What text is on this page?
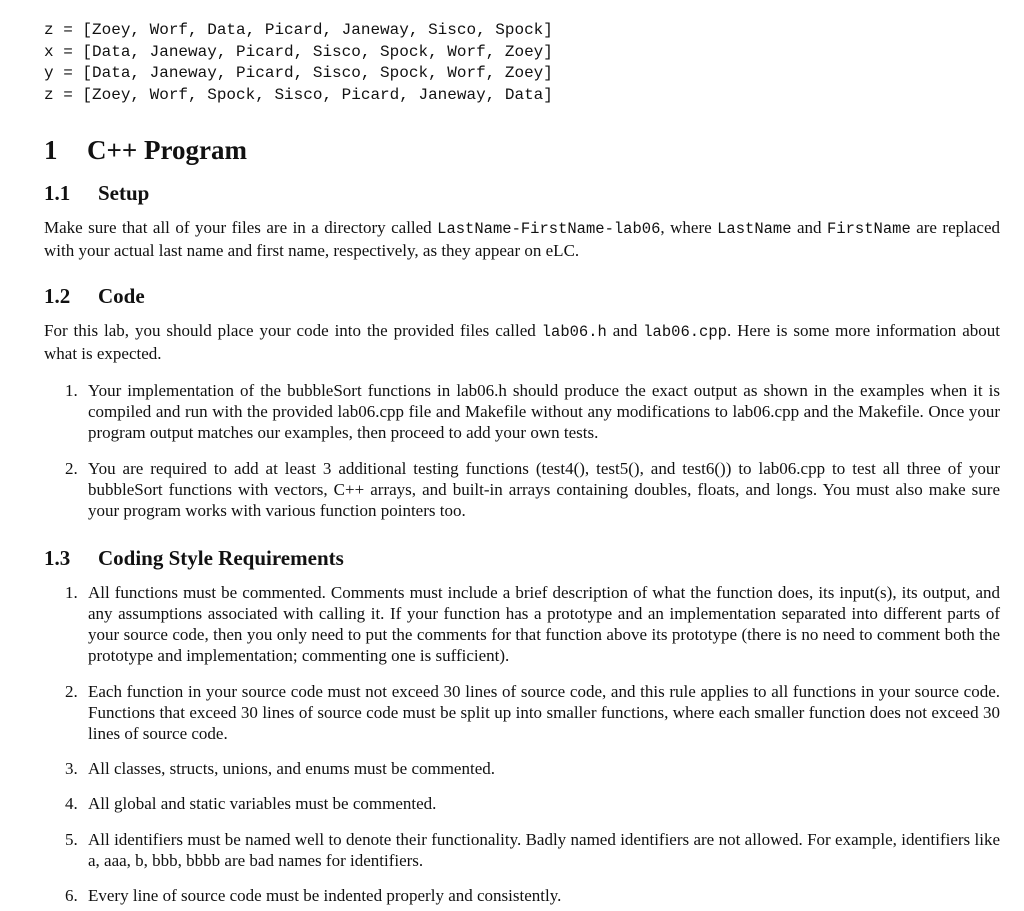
z = [Zoey, Worf, Data, Picard, Janeway, Sisco, Spock]
x = [Data, Janeway, Picard, Sisco, Spock, Worf, Zoey]
y = [Data, Janeway, Picard, Sisco, Spock, Worf, Zoey]
z = [Zoey, Worf, Spock, Sisco, Picard, Janeway, Data]
1 C++ Program
1.1 Setup

Make sure that all of your files are in a directory called LastName-FirstName-lab06, where LastName and FirstName are replaced with your actual last name and first name, respectively, as they appear on eLC.

1.2 Code

For this lab, you should place your code into the provided files called lab06.h and lab06.cpp. Here is some more information about what is expected.

1. Your implementation of the bubbleSort functions in lab06.h should produce the exact output as shown in the examples when it is compiled and run with the provided lab06.cpp file and Makefile without any modifications to lab06.cpp and the Makefile. Once your program output matches our examples, then proceed to add your own tests.

2. You are required to add at least 3 additional testing functions (test4(), test5(), and test6()) to lab06.cpp to test all three of your bubbleSort functions with vectors, C++ arrays, and built-in arrays containing doubles, floats, and longs. You must also make sure your program works with various function pointers too.

1.3 Coding Style Requirements
1. All functions must be commented. Comments must include a brief description of what the function does, its input(s), its output, and any assumptions associated with calling it. If your function has a prototype and an implementation separated into different parts of your source code, then you only need to put the comments for that function above its prototype (there is no need to comment both the prototype and implementation; commenting one is sufficient).

2. Each function in your source code must not exceed 30 lines of source code, and this rule applies to all functions in your source code. Functions that exceed 30 lines of source code must be split up into smaller functions, where each smaller function does not exceed 30 lines of source code.

3. All classes, structs, unions, and enums must be commented.

4. All global and static variables must be commented.

5. All identifiers must be named well to denote their functionality. Badly named identifiers are not allowed. For example, identifiers like a, aaa, b, bbb, bbbb are bad names for identifiers.

6. Every line of source code must be indented properly and consistently.
